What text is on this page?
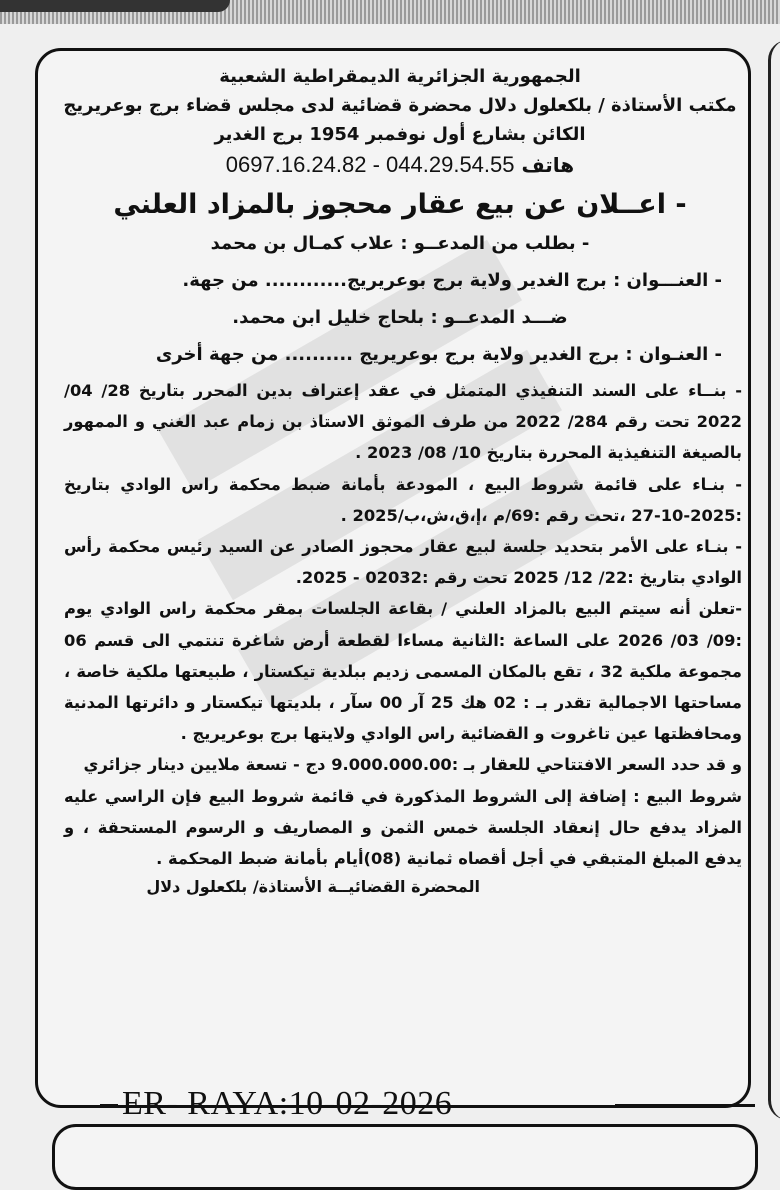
الجمهورية الجزائرية الديمقراطية الشعبية
مكتب الأستاذة / بلكعلول دلال محضرة قضائية لدى مجلس قضاء برج بوعريريج
الكائن بشارع أول نوفمبر 1954 برج الغدير
هاتف 0697.16.24.82 - 044.29.54.55
- اعــلان عن بيع عقار محجوز بالمزاد العلني
- بطلب من المدعــو : علاب كمـال بن محمد
- العنـــوان : برج الغدير ولاية برج بوعريريج............ من جهة.
ضـــد المدعــو : بلحاج خليل ابن محمد.
- العنـوان : برج الغدير ولاية برج بوعريريج .......... من جهة أخرى

- بنــاء على السند التنفيذي المتمثل في عقد إعتراف بدين المحرر بتاريخ 28/ 04/ 2022 تحت رقم 284/ 2022 من طرف الموثق الاستاذ بن زمام عبد الغني و الممهور بالصيغة التنفيذية المحررة بتاريخ 10/ 08/ 2023 .

- بنـاء على قائمة شروط البيع ، المودعة بأمانة ضبط محكمة راس الوادي بتاريخ :2025-10-27 ،تحت رقم :69/م ،إ،ق،ش،ب/2025 .

- بنـاء على الأمر بتحديد جلسة لبيع عقار محجوز الصادر عن السيد رئيس محكمة رأس الوادي بتاريخ :22/ 12/ 2025 تحت رقم :02032 - 2025.

-تعلن أنه سيتم البيع بالمزاد العلني / بقاعة الجلسات بمقر محكمة راس الوادي يوم :09/ 03/ 2026 على الساعة :الثانية مساءا لقطعة أرض شاغرة تنتمي الى قسم 06 مجموعة ملكية 32 ، تقع بالمكان المسمى زديم ببلدية تيكستار ، طبيعتها ملكية خاصة ، مساحتها الاجمالية تقدر بـ : 02 هك 25 آر 00 سآر ، بلديتها تيكستار و دائرتها المدنية ومحافظتها عين تاغروت و القضائية راس الوادي ولايتها برج بوعريريج .

و قد حدد السعر الافتتاحي للعقار بـ :9.000.000.00 دج - تسعة ملايين دينار جزائري

شروط البيع : إضافة إلى الشروط المذكورة في قائمة شروط البيع فإن الراسي عليه المزاد يدفع حال إنعقاد الجلسة خمس الثمن و المصاريف و الرسوم المستحقة ، و يدفع المبلغ المتبقي في أجل أقصاه ثمانية (08)أيام بأمانة ضبط المحكمة .

المحضرة القضائيــة الأستاذة/ بلكعلول دلال
ER- RAYA:10-02-2026
